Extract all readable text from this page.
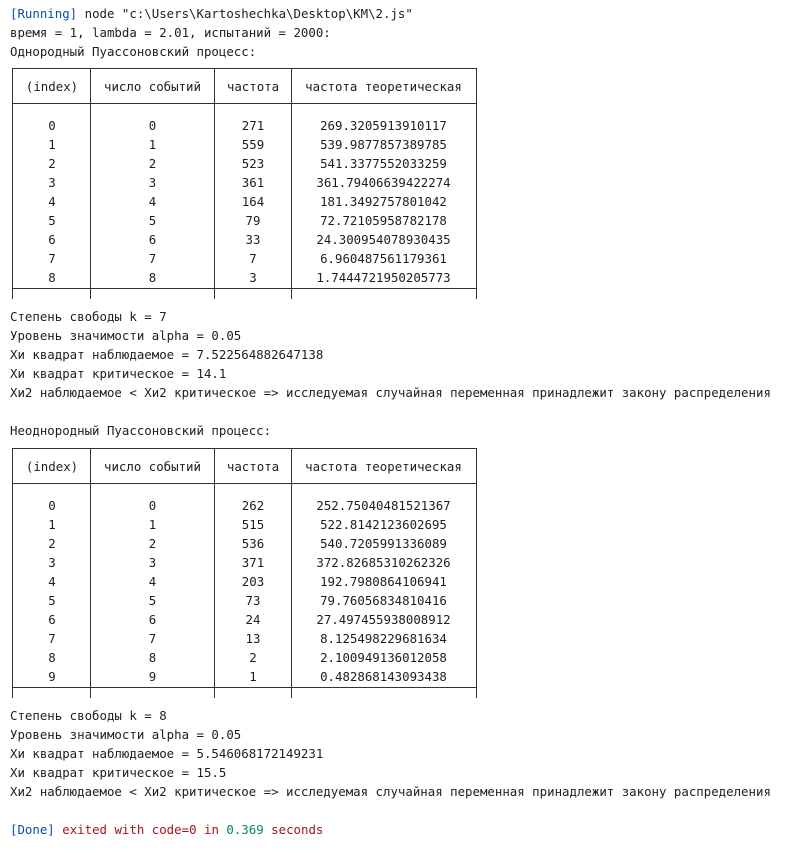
[Running] node "c:\Users\Kartoshechka\Desktop\KM\2.js"
время = 1, lambda = 2.01, испытаний = 2000:
Однородный Пуассоновский процесс:
(index)	число событий	частота	частота теоретическая
0	0	271	269.3205913910117
1	1	559	539.9877857389785
2	2	523	541.3377552033259
3	3	361	361.79406639422274
4	4	164	181.3492757801042
5	5	79	72.72105958782178
6	6	33	24.300954078930435
7	7	7	6.960487561179361
8	8	3	1.7444721950205773
Степень свободы k = 7
Уровень значимости alpha = 0.05
Хи квадрат наблюдаемое = 7.522564882647138
Хи квадрат критическое = 14.1
Хи2 наблюдаемое < Хи2 критическое => исследуемая случайная переменная принадлежит закону распределения
Неоднородный Пуассоновский процесс:
(index)	число событий	частота	частота теоретическая
0	0	262	252.75040481521367
1	1	515	522.8142123602695
2	2	536	540.7205991336089
3	3	371	372.82685310262326
4	4	203	192.7980864106941
5	5	73	79.76056834810416
6	6	24	27.497455938008912
7	7	13	8.125498229681634
8	8	2	2.100949136012058
9	9	1	0.482868143093438
Степень свободы k = 8
Уровень значимости alpha = 0.05
Хи квадрат наблюдаемое = 5.546068172149231
Хи квадрат критическое = 15.5
Хи2 наблюдаемое < Хи2 критическое => исследуемая случайная переменная принадлежит закону распределения
[Done] exited with code=0 in 0.369 seconds
